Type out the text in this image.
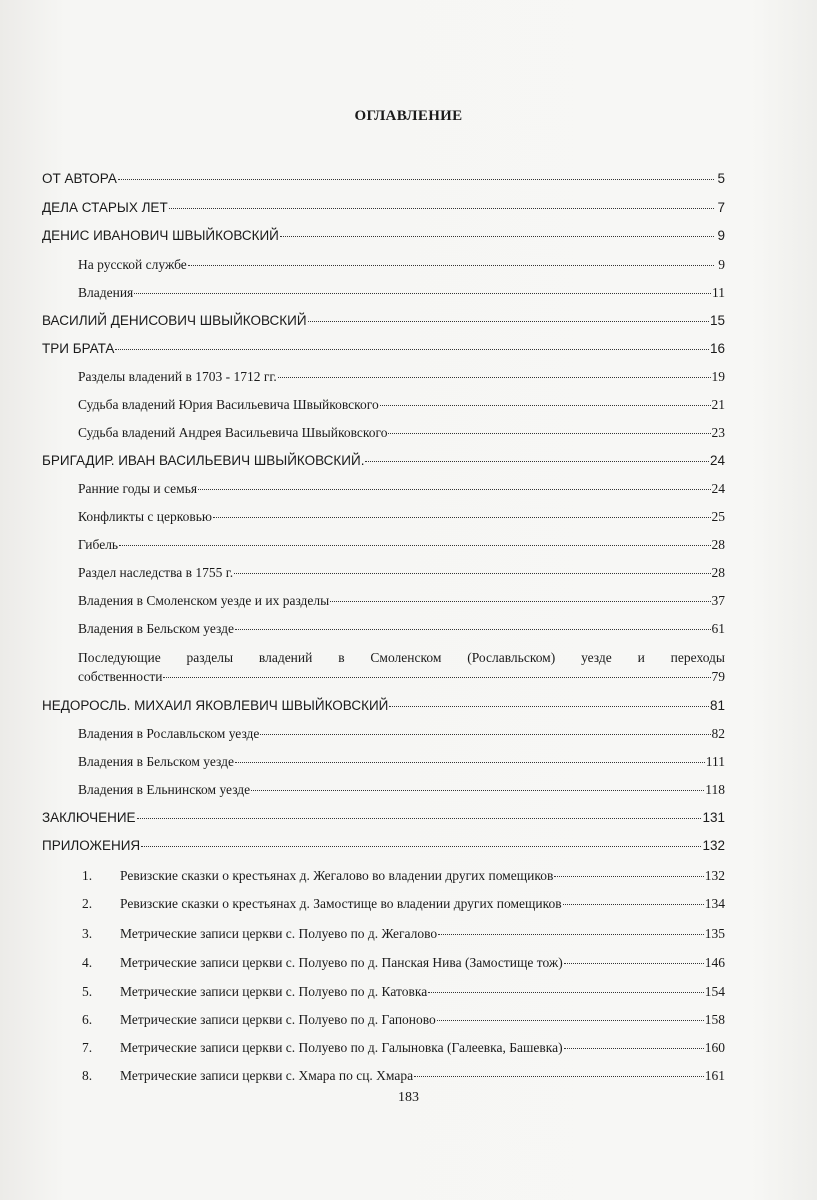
ОГЛАВЛЕНИЕ
ОТ АВТОРА	5
ДЕЛА СТАРЫХ ЛЕТ	7
ДЕНИС ИВАНОВИЧ ШВЫЙКОВСКИЙ	9
На русской службе	9
Владения	11
ВАСИЛИЙ ДЕНИСОВИЧ ШВЫЙКОВСКИЙ	15
ТРИ БРАТА	16
Разделы владений в 1703 - 1712 гг.	19
Судьба владений Юрия Васильевича Швыйковского	21
Судьба владений Андрея Васильевича Швыйковского	23
БРИГАДИР. ИВАН ВАСИЛЬЕВИЧ ШВЫЙКОВСКИЙ.	24
Ранние годы и семья	24
Конфликты с церковью	25
Гибель	28
Раздел наследства в 1755 г.	28
Владения в Смоленском уезде и их разделы	37
Владения в Бельском уезде	61
Последующие разделы владений в Смоленском (Рославльском) уезде и переходы
собственности	79
НЕДОРОСЛЬ. МИХАИЛ ЯКОВЛЕВИЧ ШВЫЙКОВСКИЙ	81
Владения в Рославльском уезде	82
Владения в Бельском уезде	111
Владения в Ельнинском уезде	118
ЗАКЛЮЧЕНИЕ	131
ПРИЛОЖЕНИЯ	132
1.	Ревизские сказки о крестьянах д. Жегалово во владении других помещиков	132
2.	Ревизские сказки о крестьянах д. Замостище во владении других помещиков	134
3.	Метрические записи церкви с. Полуево по д. Жегалово	135
4.	Метрические записи церкви с. Полуево по д. Панская Нива (Замостище тож)	146
5.	Метрические записи церкви с. Полуево по д. Катовка	154
6.	Метрические записи церкви с. Полуево по д. Гапоново	158
7.	Метрические записи церкви с. Полуево по д. Галыновка (Галеевка, Башевка)	160
8.	Метрические записи церкви с. Хмара по сц. Хмара	161
183
